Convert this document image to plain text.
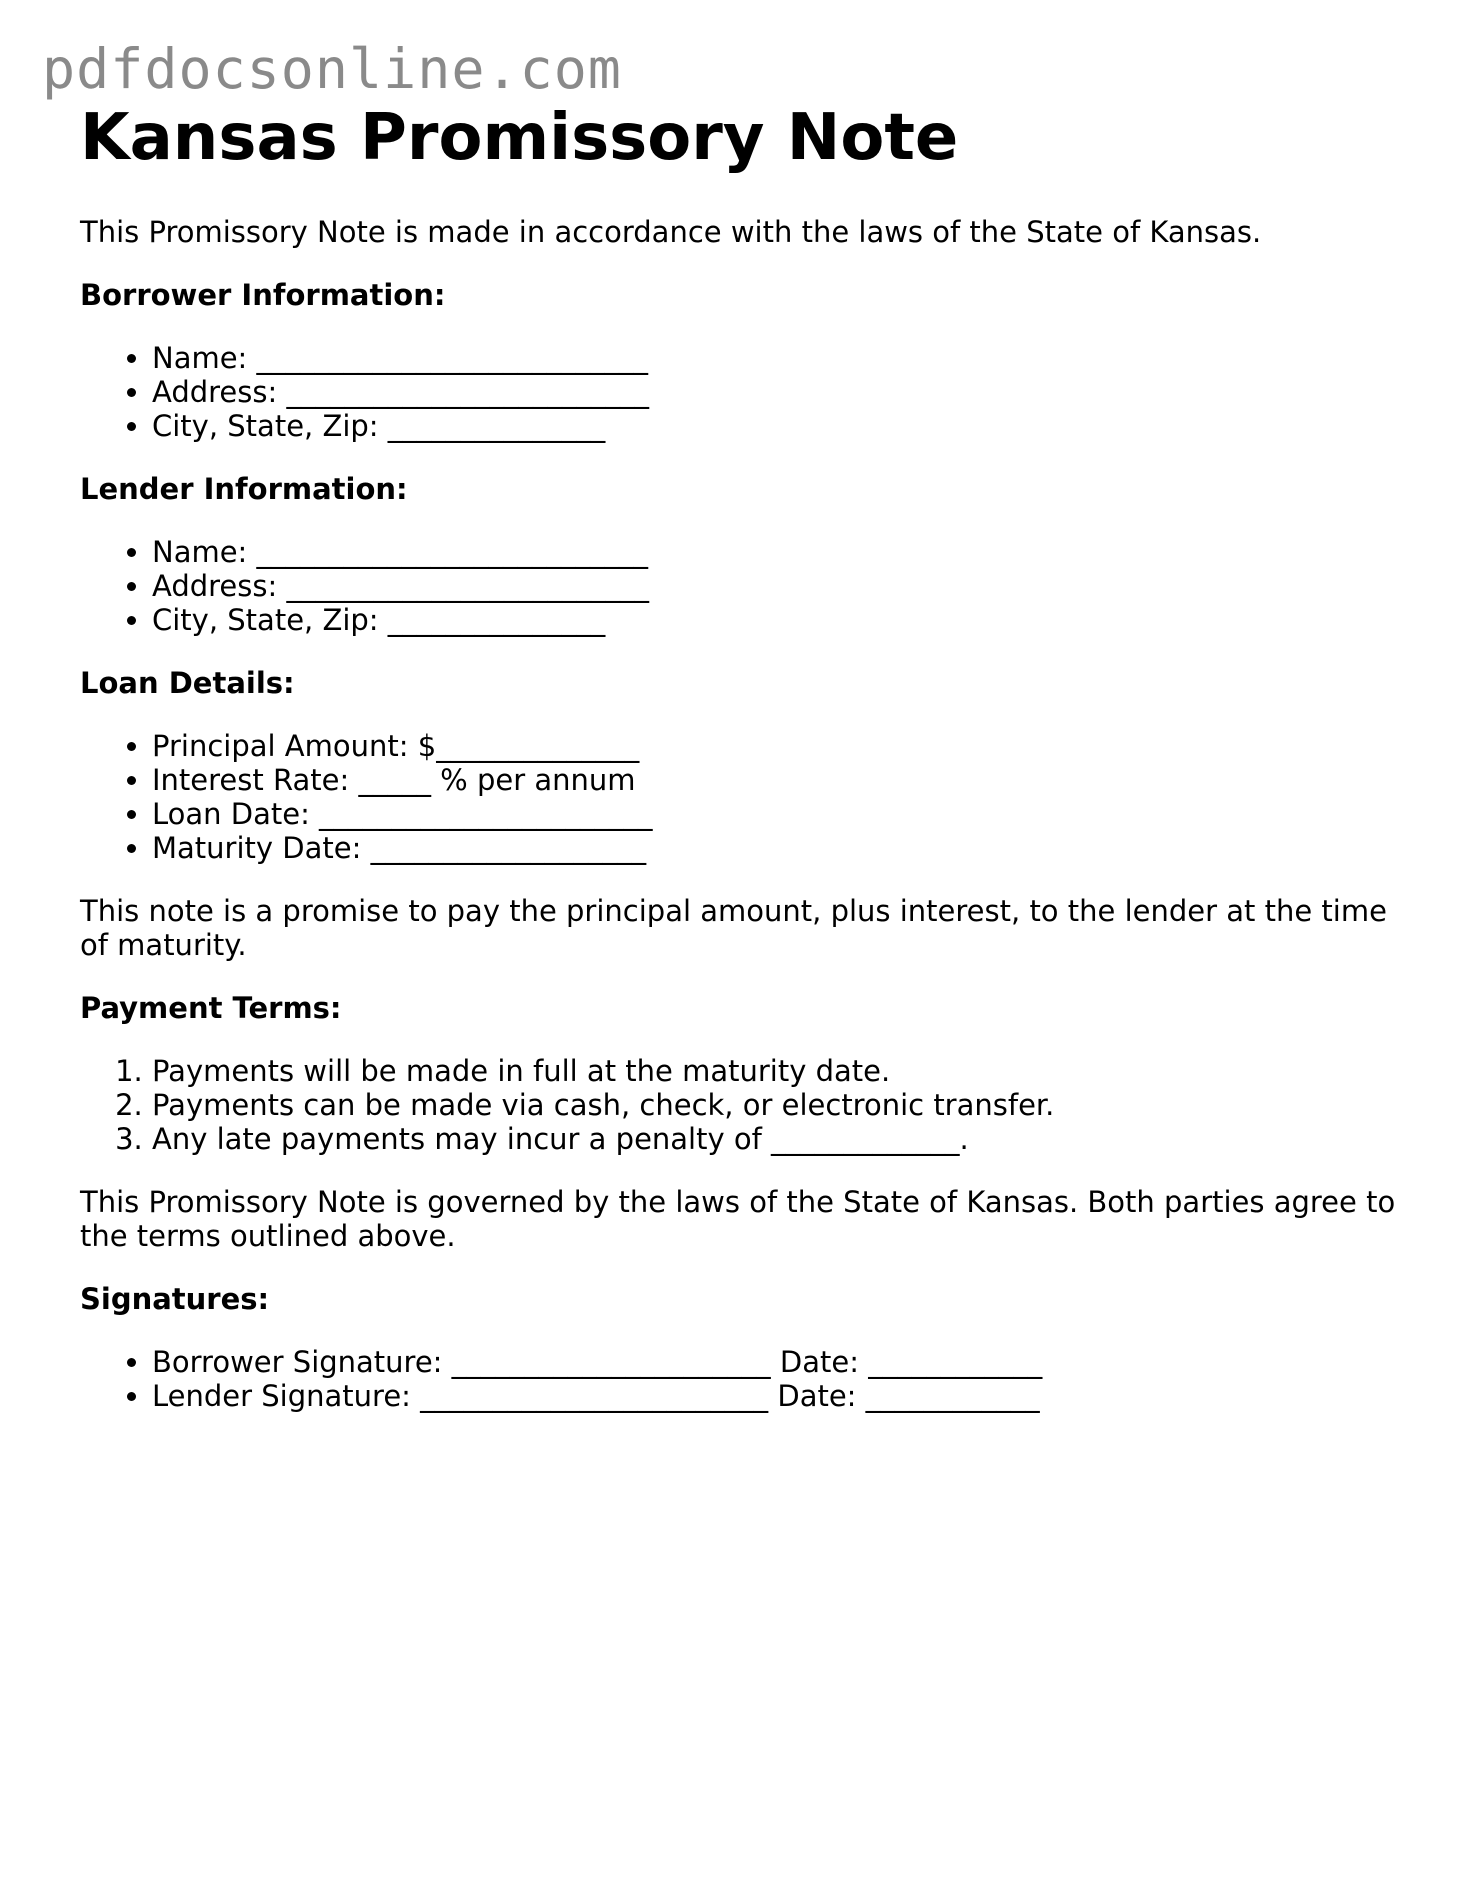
pdfdocsonline.com
Kansas Promissory Note

This Promissory Note is made in accordance with the laws of the State of Kansas.

Borrower Information:
• Name: ___________________________
• Address: _________________________
• City, State, Zip: _______________
Lender Information:
• Name: ___________________________
• Address: _________________________
• City, State, Zip: _______________
Loan Details:
• Principal Amount: $______________
• Interest Rate: _____ % per annum
• Loan Date: _______________________
• Maturity Date: ___________________

This note is a promise to pay the principal amount, plus interest, to the lender at the time of maturity.

Payment Terms:
1. Payments will be made in full at the maturity date.
2. Payments can be made via cash, check, or electronic transfer.
3. Any late payments may incur a penalty of _____________.

This Promissory Note is governed by the laws of the State of Kansas. Both parties agree to the terms outlined above.

Signatures:
• Borrower Signature: ______________________ Date: ____________
• Lender Signature: ________________________ Date: ____________
